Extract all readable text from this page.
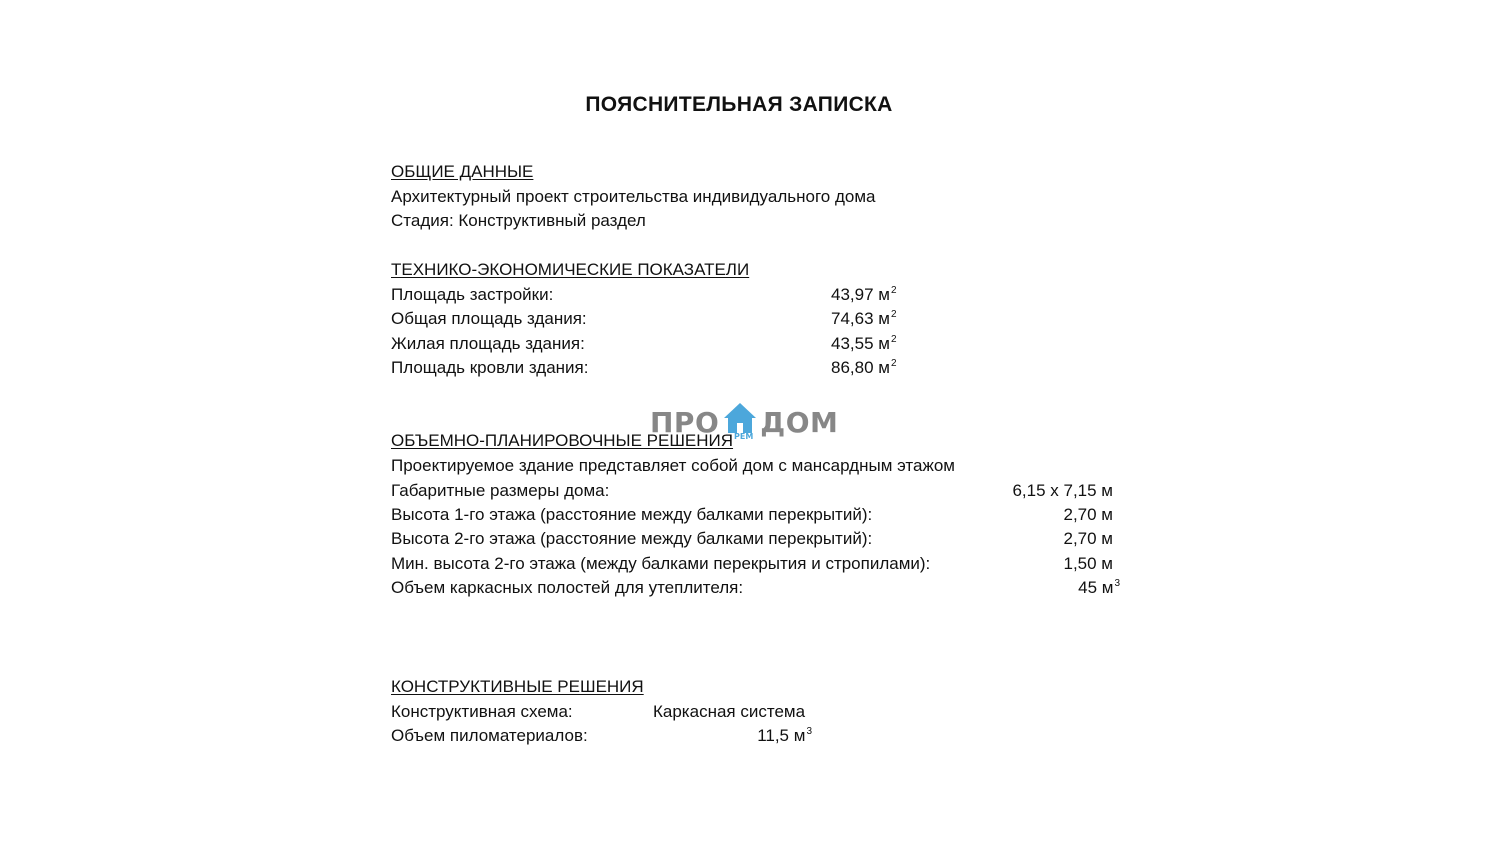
ПОЯСНИТЕЛЬНАЯ ЗАПИСКА
ОБЩИЕ ДАННЫЕ
Архитектурный проект строительства индивидуального дома
Стадия: Конструктивный раздел
ТЕХНИКО-ЭКОНОМИЧЕСКИЕ ПОКАЗАТЕЛИ
Площадь застройки:	43,97 $м^2$
Общая площадь здания:	74,63 $м^2$
Жилая площадь здания:	43,55 $м^2$
Площадь кровли здания:	86,80 $м^2$
ПРО ДОМ
РЕМ
ОБЪЕМНО-ПЛАНИРОВОЧНЫЕ РЕШЕНИЯ
Проектируемое здание представляет собой дом с мансардным этажом
Габаритные размеры дома:	6,15 х 7,15 м
Высота 1-го этажа (расстояние между балками перекрытий):	2,70 м
Высота 2-го этажа (расстояние между балками перекрытий):	2,70 м
Мин. высота 2-го этажа (между балками перекрытия и стропилами):	1,50 м
Объем каркасных полостей для утеплителя:	45 $м^3$
КОНСТРУКТИВНЫЕ РЕШЕНИЯ
Конструктивная схема:	Каркасная система
Объем пиломатериалов:	11,5 $м^3$
